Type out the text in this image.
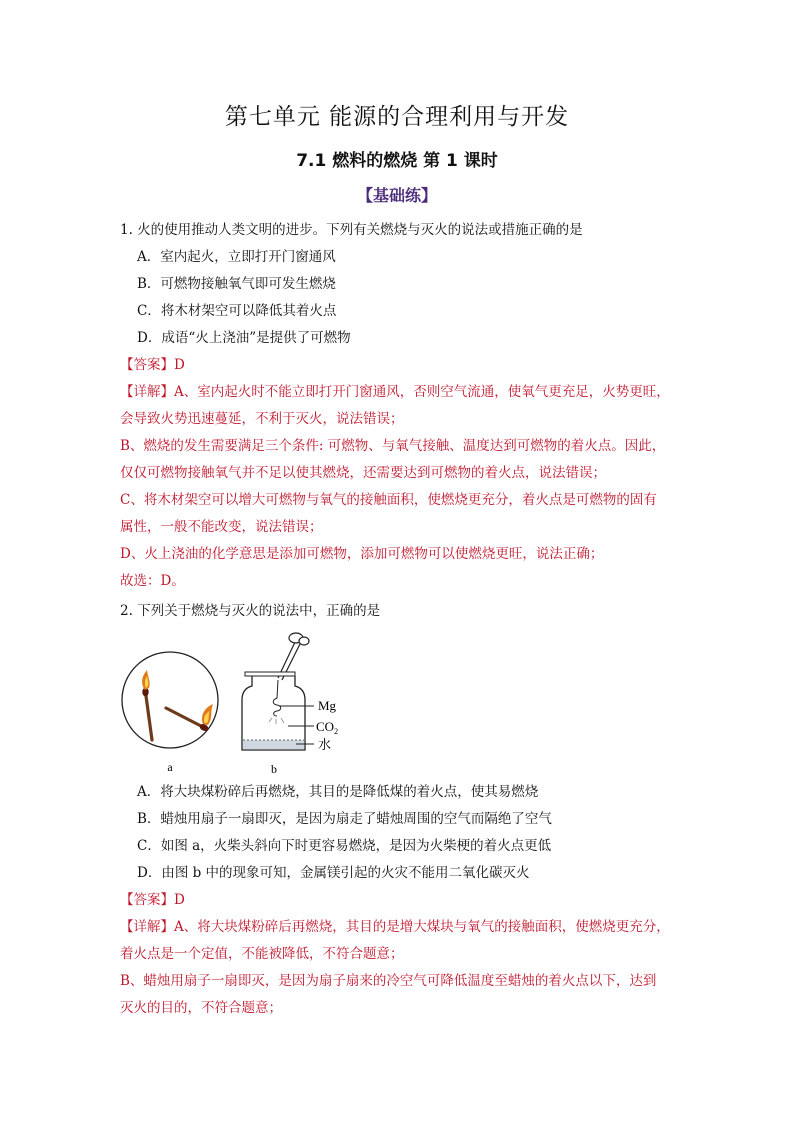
第七单元 能源的合理利用与开发
7.1 燃料的燃烧 第 1 课时
【基础练】
1. 火的使用推动人类文明的进步。下列有关燃烧与灭火的说法或措施正确的是
A．室内起火，立即打开门窗通风
B．可燃物接触氧气即可发生燃烧
C．将木材架空可以降低其着火点
D．成语“火上浇油”是提供了可燃物
【答案】D
【详解】A、室内起火时不能立即打开门窗通风，否则空气流通，使氧气更充足，火势更旺，
会导致火势迅速蔓延，不利于灭火，说法错误；
B、燃烧的发生需要满足三个条件: 可燃物、与氧气接触、温度达到可燃物的着火点。因此，
仅仅可燃物接触氧气并不足以使其燃烧，还需要达到可燃物的着火点，说法错误；
C、将木材架空可以增大可燃物与氧气的接触面积，使燃烧更充分，着火点是可燃物的固有
属性，一般不能改变，说法错误；
D、火上浇油的化学意思是添加可燃物，添加可燃物可以使燃烧更旺，说法正确；
故选：D。
2. 下列关于燃烧与灭火的说法中，正确的是
a
Mg
$CO_2$
水
b
A．将大块煤粉碎后再燃烧，其目的是降低煤的着火点，使其易燃烧
B．蜡烛用扇子一扇即灭，是因为扇走了蜡烛周围的空气而隔绝了空气
C．如图 a，火柴头斜向下时更容易燃烧，是因为火柴梗的着火点更低
D．由图 b 中的现象可知，金属镁引起的火灾不能用二氧化碳灭火
【答案】D
【详解】A、将大块煤粉碎后再燃烧，其目的是增大煤块与氧气的接触面积，使燃烧更充分，
着火点是一个定值，不能被降低，不符合题意；
B、蜡烛用扇子一扇即灭，是因为扇子扇来的冷空气可降低温度至蜡烛的着火点以下，达到
灭火的目的，不符合题意；
